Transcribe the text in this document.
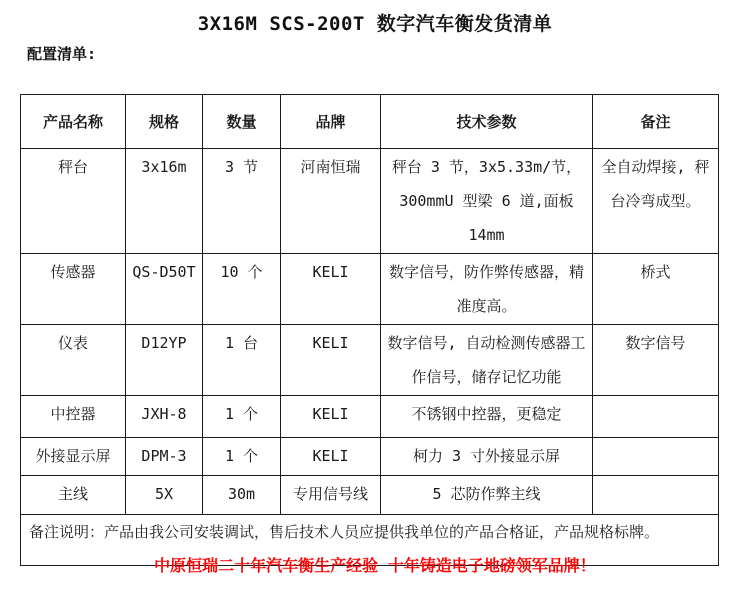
3X16M SCS-200T 数字汽车衡发货清单
配置清单:
产品名称	规格	数量	品牌	技术参数	备注
秤台	3x16m	3 节	河南恒瑞	秤台 3 节，3x5.33m/节，300mmU 型梁 6 道,面板 14mm	全自动焊接, 秤台冷弯成型。
传感器	QS-D50T	10 个	KELI	数字信号，防作弊传感器，精准度高。	桥式
仪表	D12YP	1 台	KELI	数字信号, 自动检测传感器工作信号，储存记忆功能	数字信号
中控器	JXH-8	1 个	KELI	不锈钢中控器，更稳定	
外接显示屏	DPM-3	1 个	KELI	柯力 3 寸外接显示屏	
主线	5X	30m	专用信号线	5 芯防作弊主线	
备注说明：产品由我公司安装调试，售后技术人员应提供我单位的产品合格证，产品规格标牌。					
中原恒瑞二十年汽车衡生产经验 十年铸造电子地磅领军品牌！
